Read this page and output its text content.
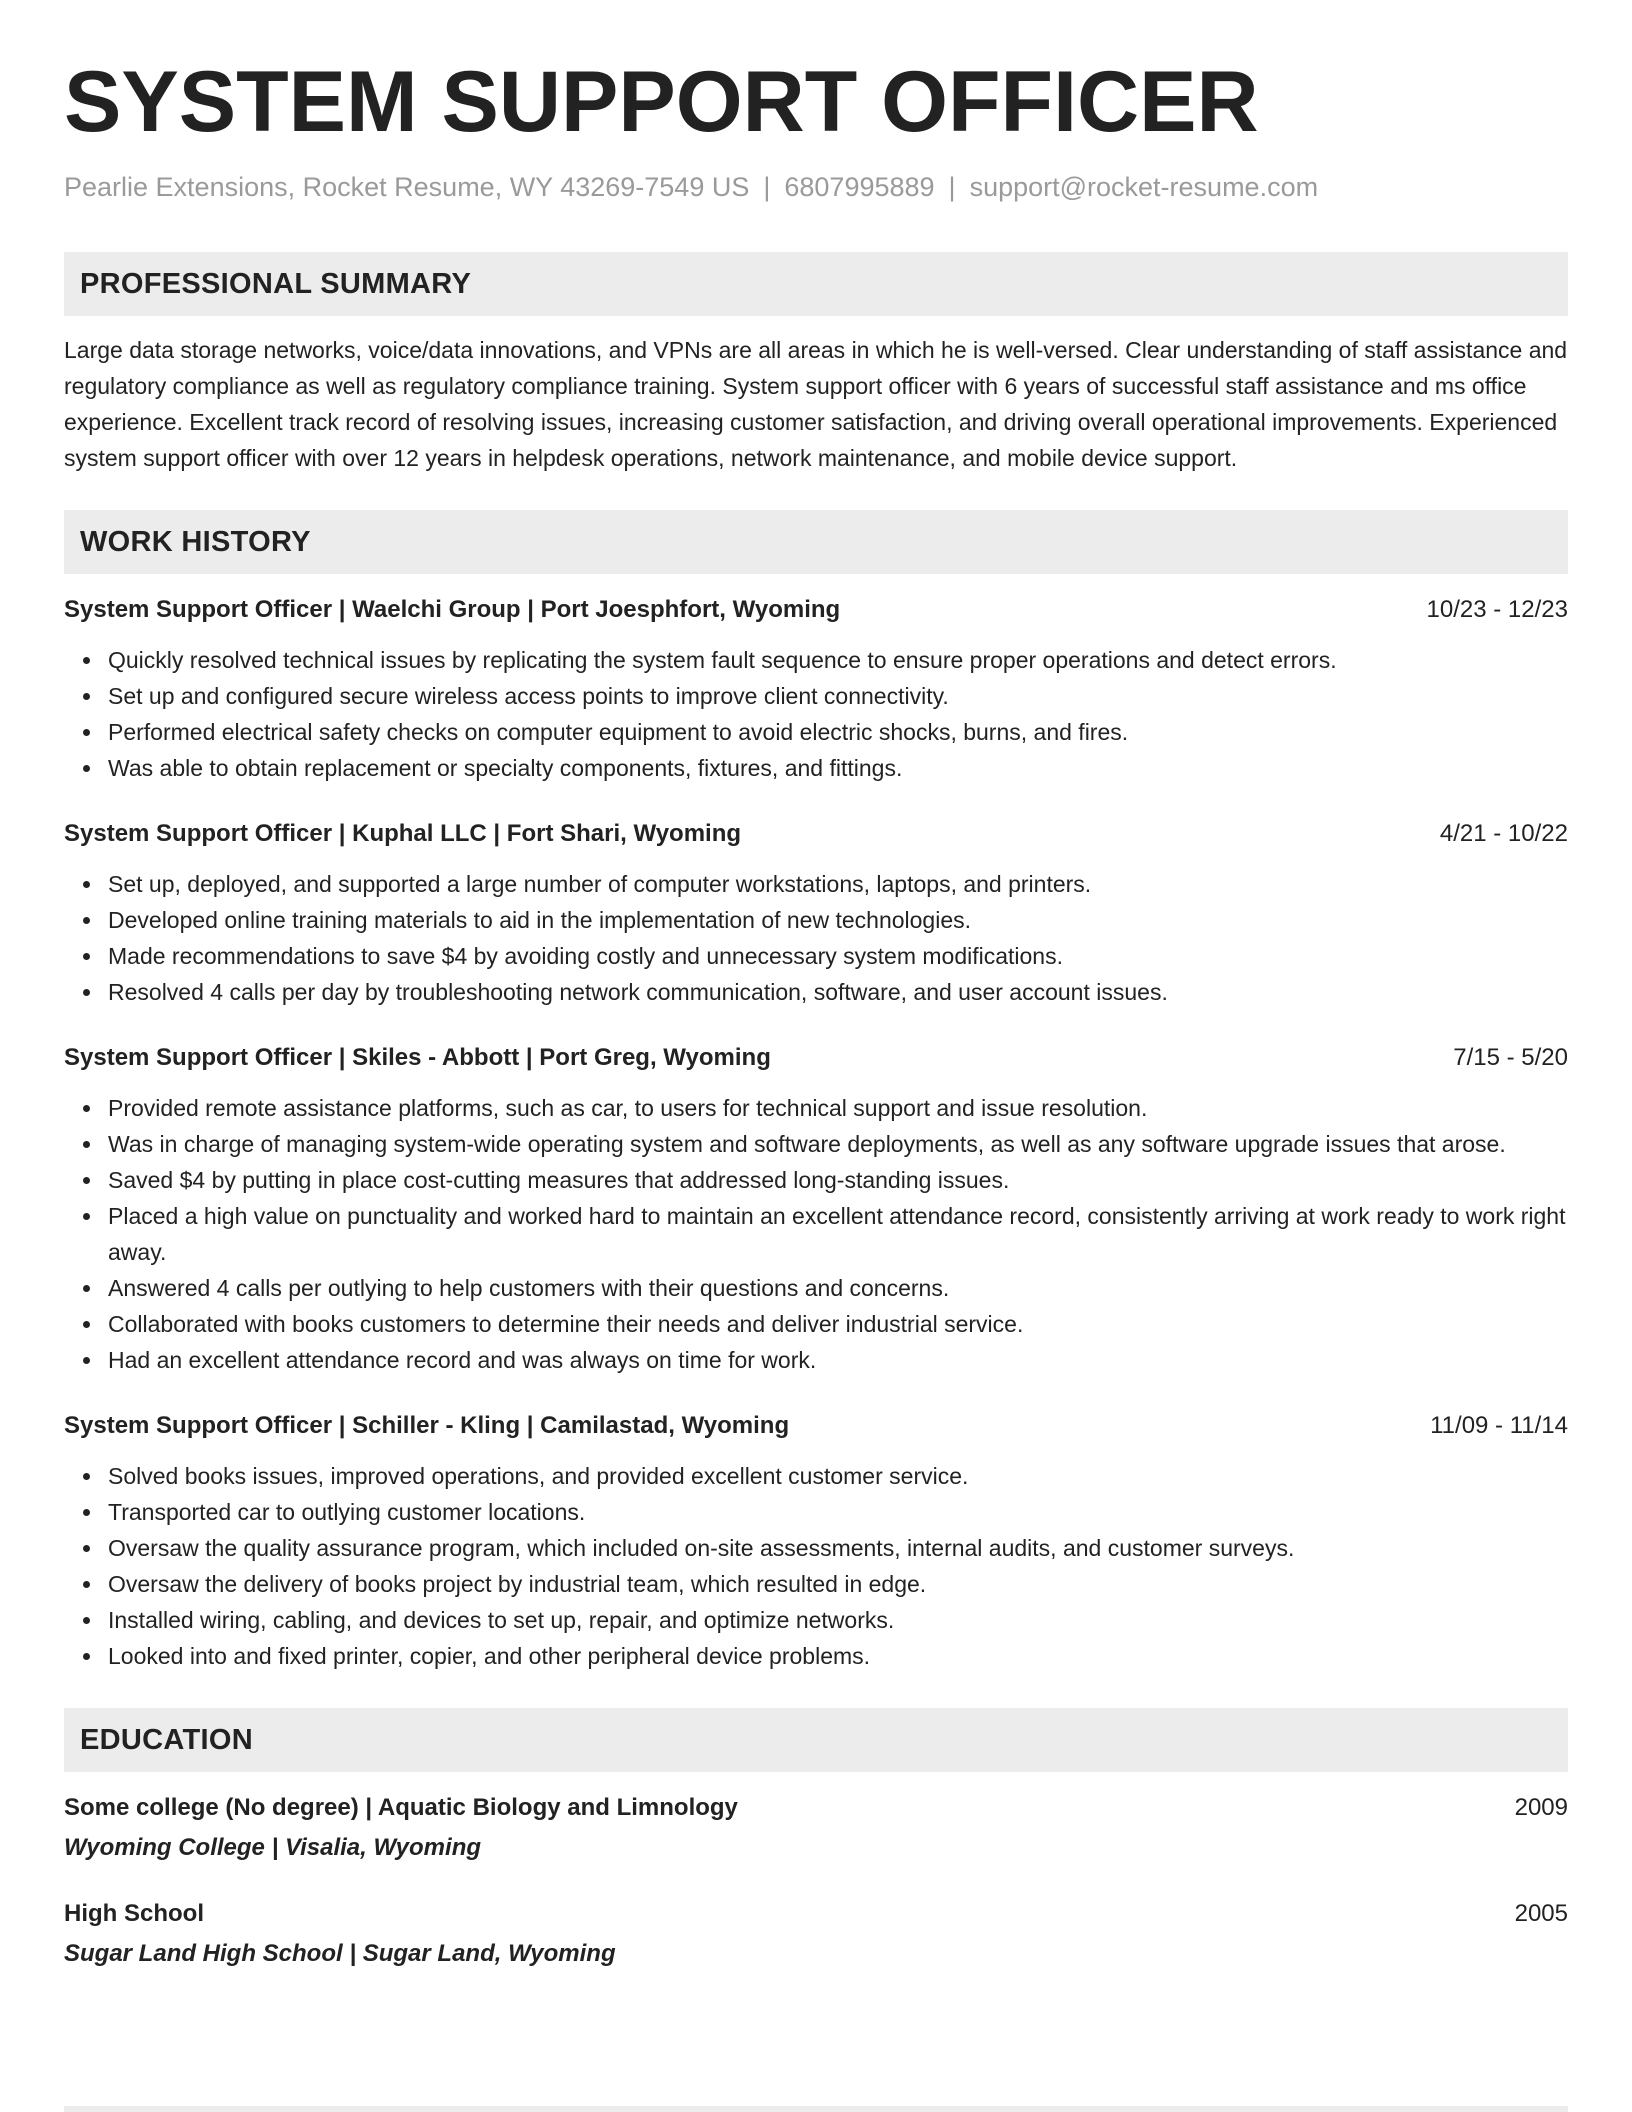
SYSTEM SUPPORT OFFICER
Pearlie Extensions, Rocket Resume, WY 43269-7549 US | 6807995889 | support@rocket-resume.com
PROFESSIONAL SUMMARY

Large data storage networks, voice/data innovations, and VPNs are all areas in which he is well-versed. Clear understanding of staff assistance and regulatory compliance as well as regulatory compliance training. System support officer with 6 years of successful staff assistance and ms office experience. Excellent track record of resolving issues, increasing customer satisfaction, and driving overall operational improvements. Experienced system support officer with over 12 years in helpdesk operations, network maintenance, and mobile device support.

WORK HISTORY
System Support Officer | Waelchi Group | Port Joesphfort, Wyoming	10/23 - 12/23
Quickly resolved technical issues by replicating the system fault sequence to ensure proper operations and detect errors.
Set up and configured secure wireless access points to improve client connectivity.
Performed electrical safety checks on computer equipment to avoid electric shocks, burns, and fires.
Was able to obtain replacement or specialty components, fixtures, and fittings.
System Support Officer | Kuphal LLC | Fort Shari, Wyoming	4/21 - 10/22
Set up, deployed, and supported a large number of computer workstations, laptops, and printers.
Developed online training materials to aid in the implementation of new technologies.
Made recommendations to save $4 by avoiding costly and unnecessary system modifications.
Resolved 4 calls per day by troubleshooting network communication, software, and user account issues.
System Support Officer | Skiles - Abbott | Port Greg, Wyoming	7/15 - 5/20
Provided remote assistance platforms, such as car, to users for technical support and issue resolution.
Was in charge of managing system-wide operating system and software deployments, as well as any software upgrade issues that arose.
Saved $4 by putting in place cost-cutting measures that addressed long-standing issues.
Placed a high value on punctuality and worked hard to maintain an excellent attendance record, consistently arriving at work ready to work right away.
Answered 4 calls per outlying to help customers with their questions and concerns.
Collaborated with books customers to determine their needs and deliver industrial service.
Had an excellent attendance record and was always on time for work.
System Support Officer | Schiller - Kling | Camilastad, Wyoming	11/09 - 11/14
Solved books issues, improved operations, and provided excellent customer service.
Transported car to outlying customer locations.
Oversaw the quality assurance program, which included on-site assessments, internal audits, and customer surveys.
Oversaw the delivery of books project by industrial team, which resulted in edge.
Installed wiring, cabling, and devices to set up, repair, and optimize networks.
Looked into and fixed printer, copier, and other peripheral device problems.
EDUCATION
Some college (No degree) | Aquatic Biology and Limnology	2009
Wyoming College | Visalia, Wyoming
High School	2005
Sugar Land High School | Sugar Land, Wyoming
